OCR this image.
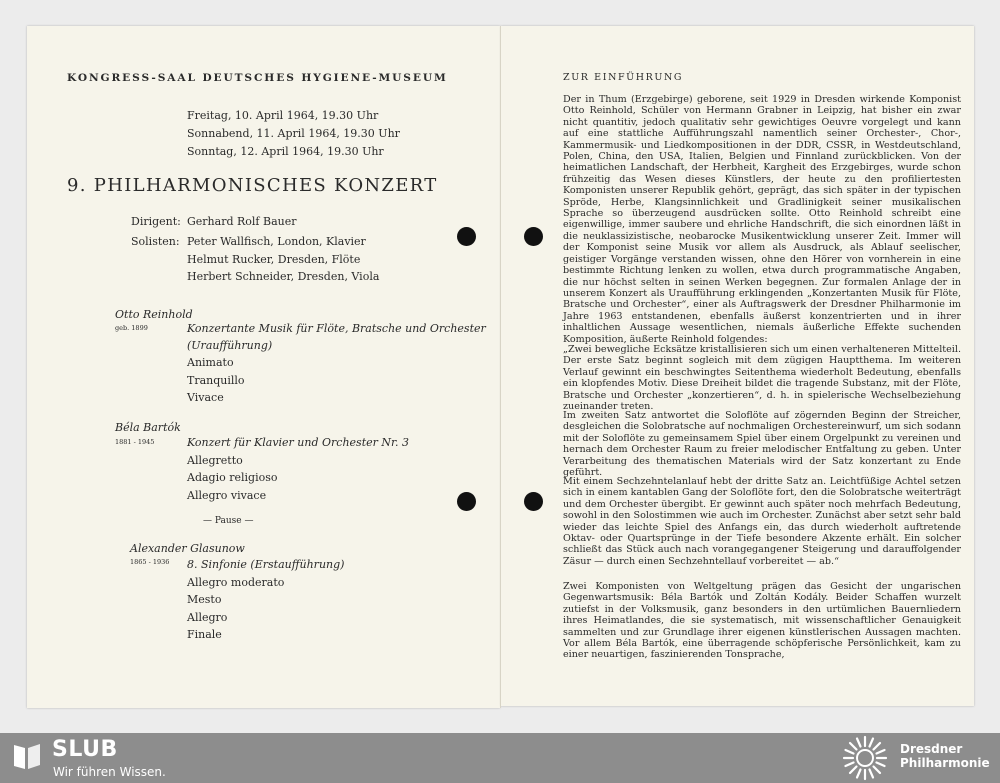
KONGRESS-SAAL DEUTSCHES HYGIENE-MUSEUM
Freitag, 10. April 1964, 19.30 Uhr
Sonnabend, 11. April 1964, 19.30 Uhr
Sonntag, 12. April 1964, 19.30 Uhr
9. PHILHARMONISCHES KONZERT
Dirigent: Gerhard Rolf Bauer
Solisten: Peter Wallfisch, London, Klavier
Helmut Rucker, Dresden, Flöte
Herbert Schneider, Dresden, Viola
Otto Reinhold
geb. 1899	Konzertante Musik für Flöte, Bratsche und Orchester
(Uraufführung)
Animato
Tranquillo
Vivace
Béla Bartók
1881 - 1945	Konzert für Klavier und Orchester Nr. 3
Allegretto
Adagio religioso
Allegro vivace
— Pause —
Alexander Glasunow
1865 - 1936 8. Sinfonie (Erstaufführung)
Allegro moderato
Mesto
Allegro
Finale
ZUR EINFÜHRUNG

Der in Thum (Erzgebirge) geborene, seit 1929 in Dresden wirkende Komponist Otto Reinhold, Schüler von Hermann Grabner in Leipzig, hat bisher ein zwar nicht quantitiv, jedoch qualitativ sehr gewichtiges Oeuvre vorgelegt und kann auf eine stattliche Aufführungszahl namentlich seiner Orchester-, Chor-, Kammermusik- und Liedkompositionen in der DDR, CSSR, in Westdeutschland, Polen, China, den USA, Italien, Belgien und Finnland zurückblicken. Von der heimatlichen Landschaft, der Herbheit, Kargheit des Erzgebirges, wurde schon frühzeitig das Wesen dieses Künstlers, der heute zu den profiliertesten Komponisten unserer Republik gehört, geprägt, das sich später in der typischen Spröde, Herbe, Klangsinnlichkeit und Gradlinigkeit seiner musikalischen Sprache so überzeugend ausdrücken sollte. Otto Reinhold schreibt eine eigenwillige, immer saubere und ehrliche Handschrift, die sich einordnen läßt in die neuklassizistische, neobarocke Musikentwicklung unserer Zeit. Immer will der Komponist seine Musik vor allem als Ausdruck, als Ablauf seelischer, geistiger Vorgänge verstanden wissen, ohne den Hörer von vornherein in eine bestimmte Richtung lenken zu wollen, etwa durch programmatische Angaben, die nur höchst selten in seinen Werken begegnen. Zur formalen Anlage der in unserem Konzert als Uraufführung erklingenden „Konzertanten Musik für Flöte, Bratsche und Orchester“, einer als Auftragswerk der Dresdner Philharmonie im Jahre 1963 entstandenen, ebenfalls äußerst konzentrierten und in ihrer inhaltlichen Aussage wesentlichen, niemals äußerliche Effekte suchenden Komposition, äußerte Reinhold folgendes:

„Zwei bewegliche Ecksätze kristallisieren sich um einen verhalteneren Mittelteil. Der erste Satz beginnt sogleich mit dem zügigen Hauptthema. Im weiteren Verlauf gewinnt ein beschwingtes Seitenthema wiederholt Bedeutung, ebenfalls ein klopfendes Motiv. Diese Dreiheit bildet die tragende Substanz, mit der Flöte, Bratsche und Orchester „konzertieren“, d. h. in spielerische Wechselbeziehung zueinander treten.

Im zweiten Satz antwortet die Soloflöte auf zögernden Beginn der Streicher, desgleichen die Solobratsche auf nochmaligen Orchestereinwurf, um sich sodann mit der Soloflöte zu gemeinsamem Spiel über einem Orgelpunkt zu vereinen und hernach dem Orchester Raum zu freier melodischer Entfaltung zu geben. Unter Verarbeitung des thematischen Materials wird der Satz konzertant zu Ende geführt.

Mit einem Sechzehntelanlauf hebt der dritte Satz an. Leichtfüßige Achtel setzen sich in einem kantablen Gang der Soloflöte fort, den die Solobratsche weiterträgt und dem Orchester übergibt. Er gewinnt auch später noch mehrfach Bedeutung, sowohl in den Solostimmen wie auch im Orchester. Zunächst aber setzt sehr bald wieder das leichte Spiel des Anfangs ein, das durch wiederholt auftretende Oktav- oder Quartsprünge in der Tiefe besondere Akzente erhält. Ein solcher schließt das Stück auch nach vorangegangener Steigerung und darauffolgender Zäsur — durch einen Sechzehntellauf vorbereitet — ab.“

Zwei Komponisten von Weltgeltung prägen das Gesicht der ungarischen Gegenwartsmusik: Béla Bartók und Zoltán Kodály. Beider Schaffen wurzelt zutiefst in der Volksmusik, ganz besonders in den urtümlichen Bauernliedern ihres Heimatlandes, die sie systematisch, mit wissenschaftlicher Genauigkeit sammelten und zur Grundlage ihrer eigenen künstlerischen Aussagen machten. Vor allem Béla Bartók, eine überragende schöpferische Persönlichkeit, kam zu einer neuartigen, faszinierenden Tonsprache,

SLUB
Wir führen Wissen.
Dresdner
Philharmonie
